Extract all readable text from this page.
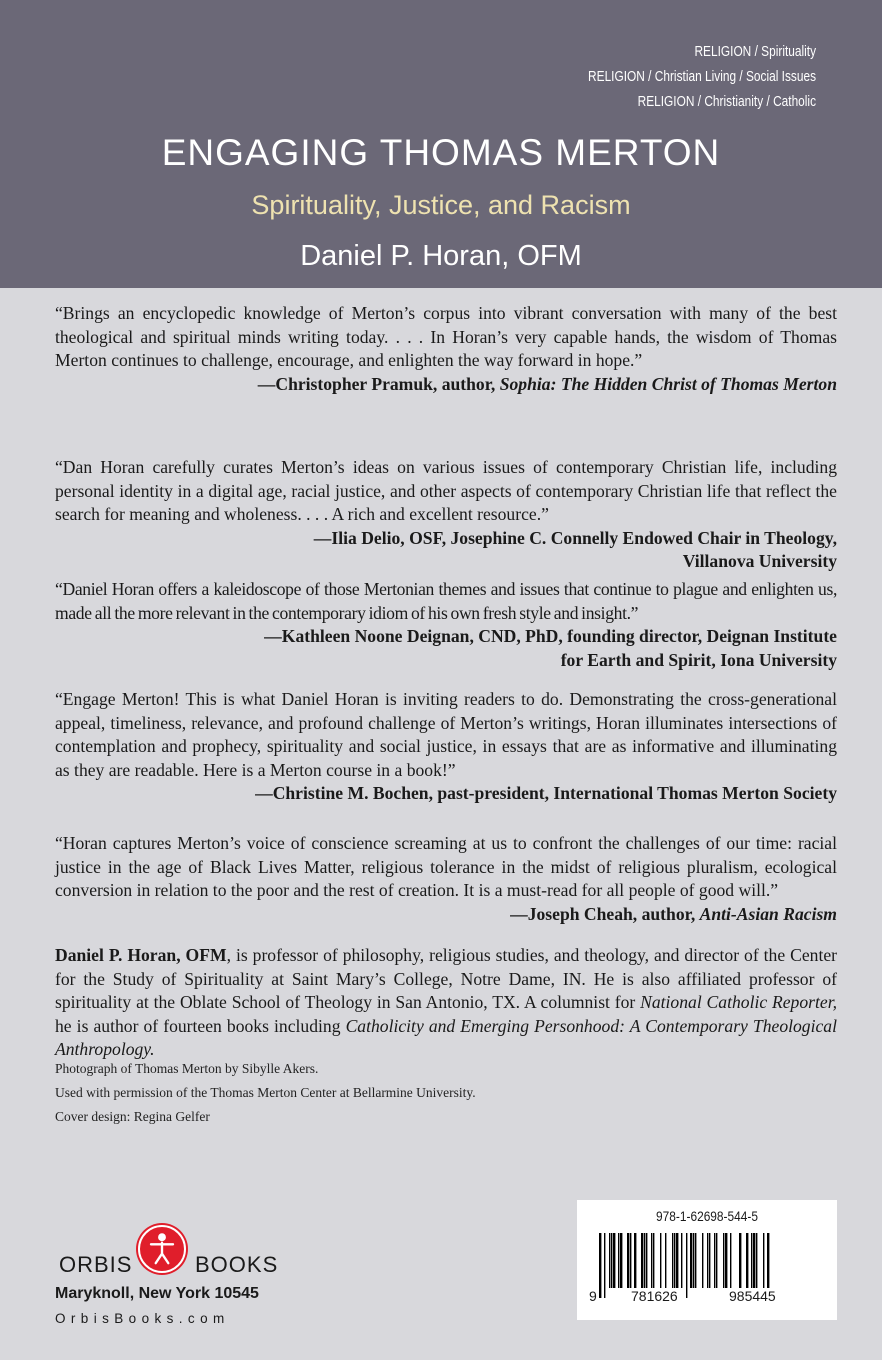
RELIGION / Spirituality
RELIGION / Christian Living / Social Issues
RELIGION / Christianity / Catholic
ENGAGING THOMAS MERTON
Spirituality, Justice, and Racism
Daniel P. Horan, OFM
“Brings an encyclopedic knowledge of Merton’s corpus into vibrant conversation with many of the best theological and spiritual minds writing today. . . . In Horan’s very capable hands, the wisdom of Thomas Merton continues to challenge, encourage, and enlighten the way forward in hope.”
—Christopher Pramuk, author, Sophia: The Hidden Christ of Thomas Merton
“Dan Horan carefully curates Merton’s ideas on various issues of contemporary Christian life, including personal identity in a digital age, racial justice, and other aspects of contemporary Christian life that reflect the search for meaning and wholeness. . . . A rich and excellent resource.”
—Ilia Delio, OSF, Josephine C. Connelly Endowed Chair in Theology,
Villanova University
“Daniel Horan offers a kaleidoscope of those Mertonian themes and issues that continue to plague and enlighten us, made all the more relevant in the contemporary idiom of his own fresh style and insight.”
—Kathleen Noone Deignan, CND, PhD, founding director, Deignan Institute
for Earth and Spirit, Iona University
“Engage Merton! This is what Daniel Horan is inviting readers to do. Demonstrating the cross-generational appeal, timeliness, relevance, and profound challenge of Merton’s writings, Horan illuminates intersections of contemplation and prophecy, spirituality and social justice, in essays that are as informative and illuminating as they are readable. Here is a Merton course in a book!”
—Christine M. Bochen, past-president, International Thomas Merton Society
“Horan captures Merton’s voice of conscience screaming at us to confront the challenges of our time: racial justice in the age of Black Lives Matter, religious tolerance in the midst of religious pluralism, ecological conversion in relation to the poor and the rest of creation. It is a must-read for all people of good will.”
—Joseph Cheah, author, Anti-Asian Racism
Daniel P. Horan, OFM, is professor of philosophy, religious studies, and theology, and director of the Center for the Study of Spirituality at Saint Mary’s College, Notre Dame, IN. He is also affiliated professor of spirituality at the Oblate School of Theology in San Antonio, TX. A columnist for National Catholic Reporter, he is author of fourteen books including Catholicity and Emerging Personhood: A Contemporary Theological Anthropology.
Photograph of Thomas Merton by Sibylle Akers.
Used with permission of the Thomas Merton Center at Bellarmine University.
Cover design: Regina Gelfer
ORBIS	BOOKS
Maryknoll, New York 10545
OrbisBooks.com
978-1-62698-544-5
9 781626	985445
